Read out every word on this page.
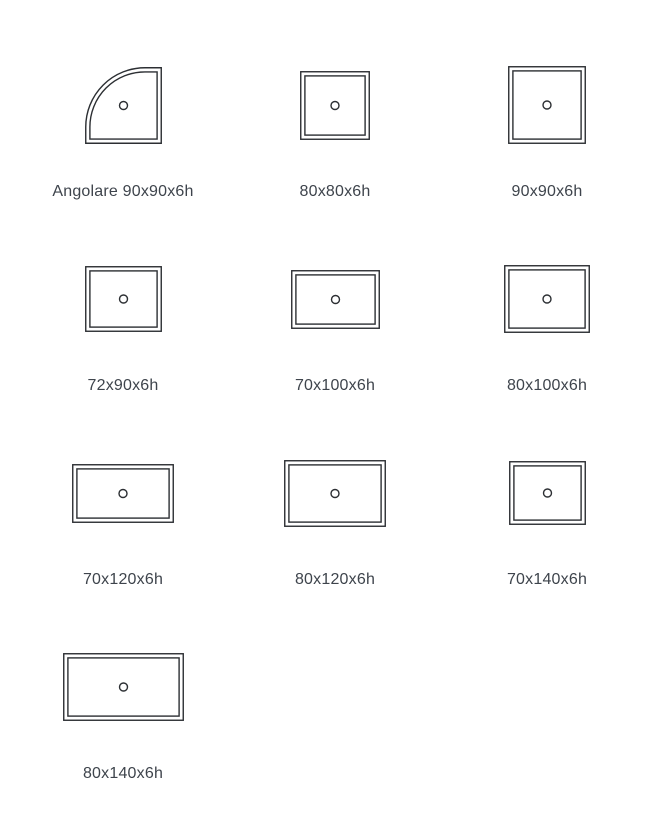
Angolare 90x90x6h	80x80x6h	90x90x6h
72x90x6h	70x100x6h	80x100x6h
70x120x6h	80x120x6h	70x140x6h
80x140x6h
